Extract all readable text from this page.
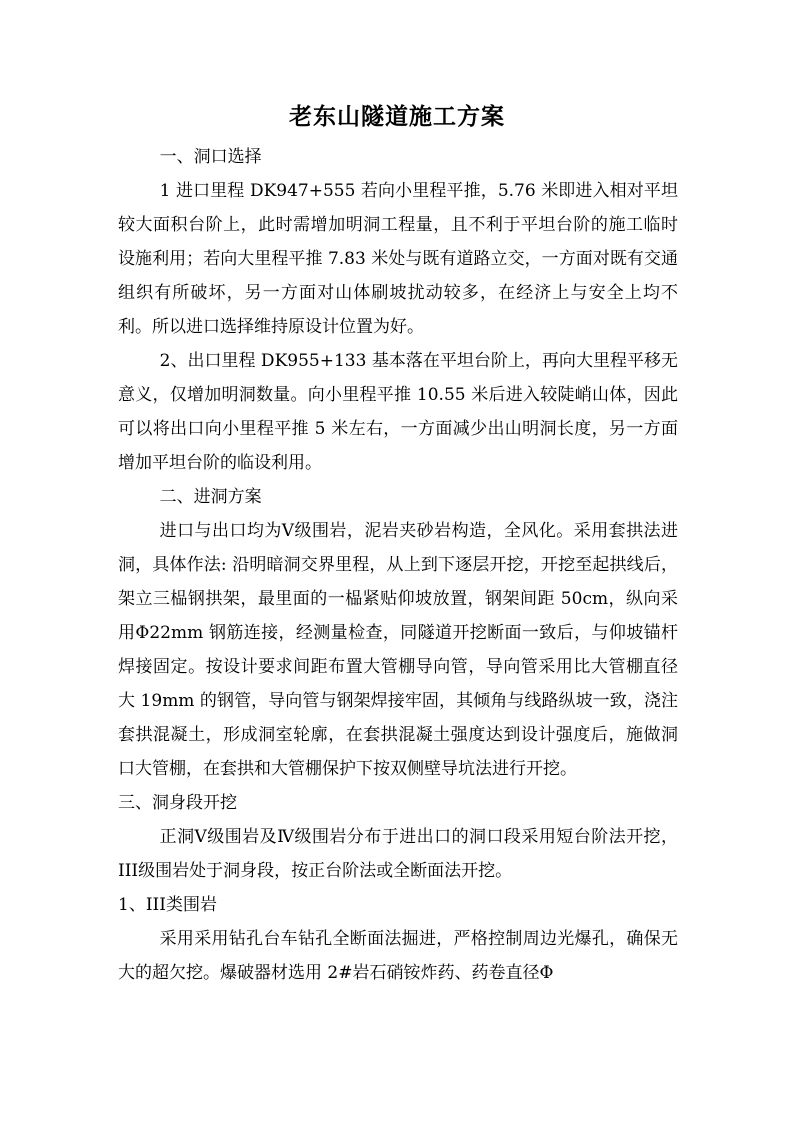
老东山隧道施工方案

一、洞口选择

1 进口里程 DK947+555 若向小里程平推，5.76 米即进入相对平坦较大面积台阶上，此时需增加明洞工程量，且不利于平坦台阶的施工临时设施利用；若向大里程平推 7.83 米处与既有道路立交，一方面对既有交通组织有所破坏，另一方面对山体刷坡扰动较多，在经济上与安全上均不利。所以进口选择维持原设计位置为好。

2、出口里程 DK955+133 基本落在平坦台阶上，再向大里程平移无意义，仅增加明洞数量。向小里程平推 10.55 米后进入较陡峭山体，因此可以将出口向小里程平推 5 米左右，一方面减少出山明洞长度，另一方面增加平坦台阶的临设利用。

二、进洞方案

进口与出口均为Ⅴ级围岩，泥岩夹砂岩构造，全风化。采用套拱法进洞，具体作法: 沿明暗洞交界里程，从上到下逐层开挖，开挖至起拱线后，架立三榀钢拱架，最里面的一榀紧贴仰坡放置，钢架间距 50cm，纵向采用Φ22mm 钢筋连接，经测量检查，同隧道开挖断面一致后，与仰坡锚杆焊接固定。按设计要求间距布置大管棚导向管，导向管采用比大管棚直径大 19mm 的钢管，导向管与钢架焊接牢固，其倾角与线路纵坡一致，浇注套拱混凝土，形成洞室轮廓，在套拱混凝土强度达到设计强度后，施做洞口大管棚，在套拱和大管棚保护下按双侧壁导坑法进行开挖。

三、洞身段开挖

正洞Ⅴ级围岩及Ⅳ级围岩分布于进出口的洞口段采用短台阶法开挖，III级围岩处于洞身段，按正台阶法或全断面法开挖。

1、III类围岩

采用采用钻孔台车钻孔全断面法掘进，严格控制周边光爆孔，确保无大的超欠挖。爆破器材选用 2#岩石硝铵炸药、药卷直径Φ
